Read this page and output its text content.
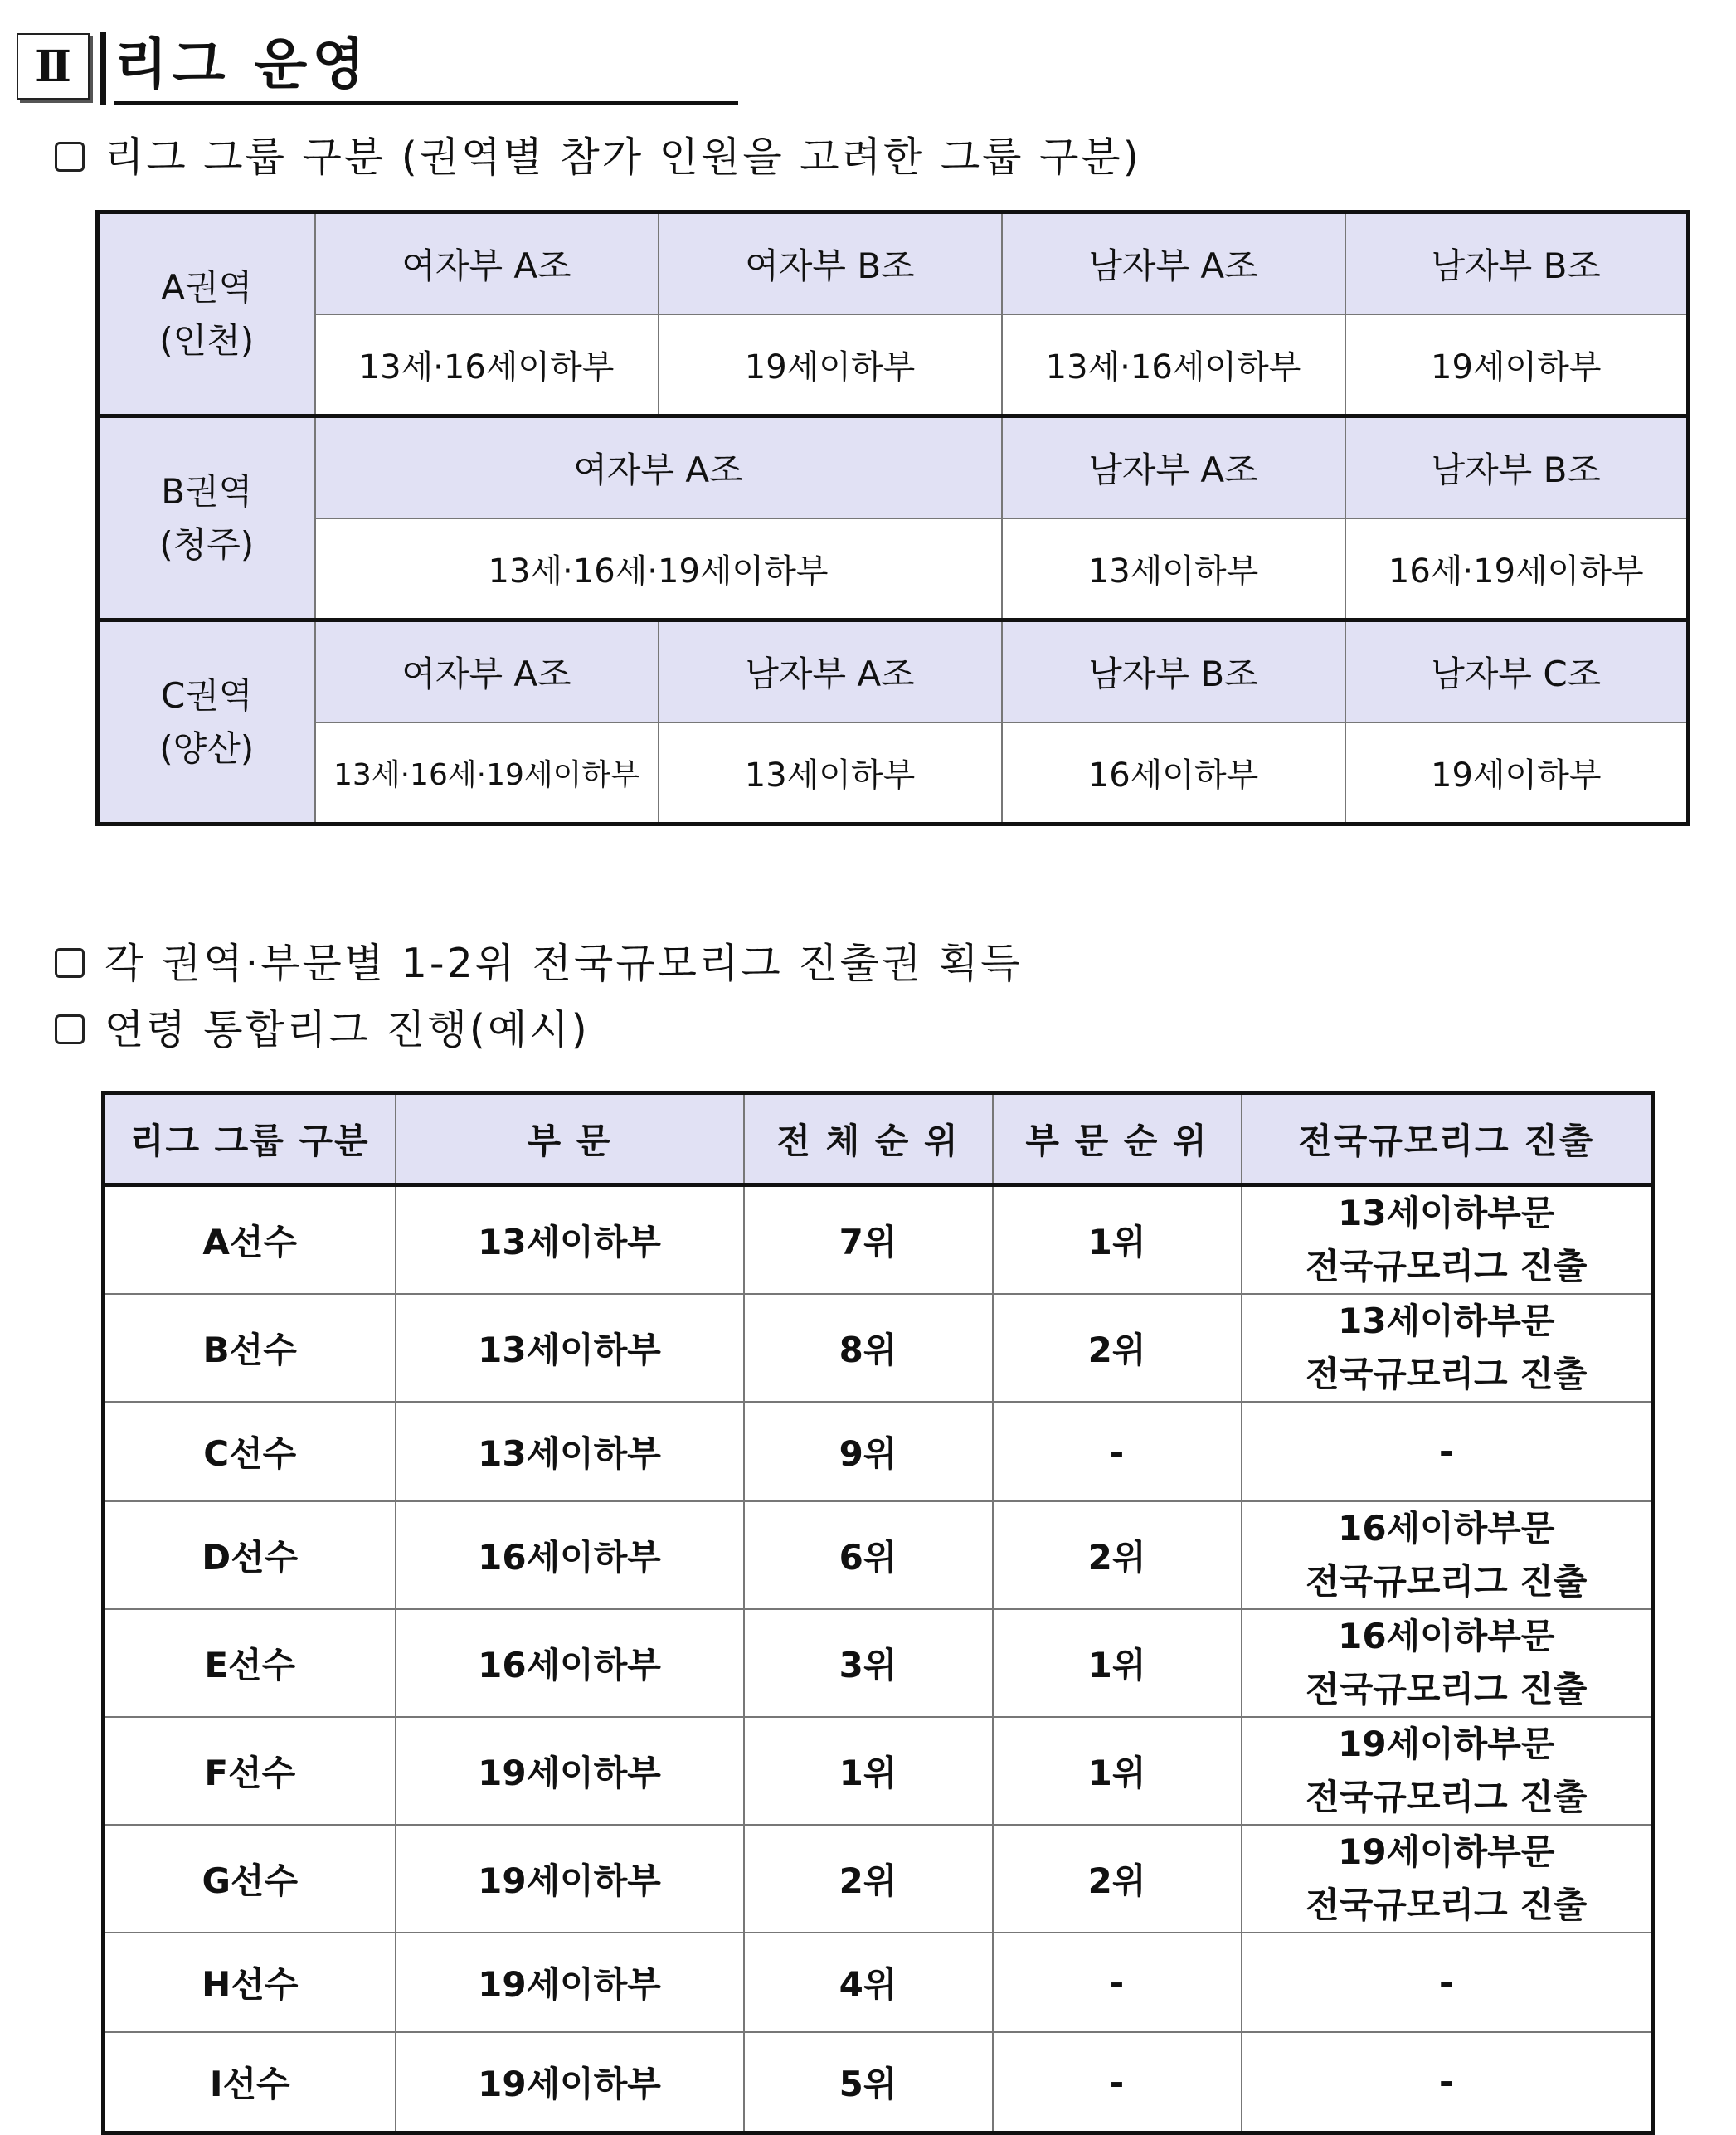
Ⅱ 리그 운영
리그 그룹 구분 (권역별 참가 인원을 고려한 그룹 구분)
A권역
(인천)	여자부 A조	여자부 B조	남자부 A조	남자부 B조
	13세·16세이하부	19세이하부	13세·16세이하부	19세이하부

B권역
(청주)	여자부 A조		남자부 A조	남자부 B조
	13세·16세·19세이하부		13세이하부	16세·19세이하부

C권역
(양산)	여자부 A조	남자부 A조	남자부 B조	남자부 C조
	13세·16세·19세이하부	13세이하부	16세이하부	19세이하부
각 권역·부문별 1-2위 전국규모리그 진출권 획득
연령 통합리그 진행(예시)
리그 그룹 구분	부 문	전 체 순 위	부 문 순 위	전국규모리그 진출
A선수	13세이하부	7위	1위	13세이하부문
전국규모리그 진출

B선수	13세이하부	8위	2위	13세이하부문
전국규모리그 진출

C선수	13세이하부	9위	-	-

D선수	16세이하부	6위	2위	16세이하부문
전국규모리그 진출

E선수	16세이하부	3위	1위	16세이하부문
전국규모리그 진출

F선수	19세이하부	1위	1위	19세이하부문
전국규모리그 진출

G선수	19세이하부	2위	2위	19세이하부문
전국규모리그 진출

H선수	19세이하부	4위	-	-

I선수	19세이하부	5위	-	-
